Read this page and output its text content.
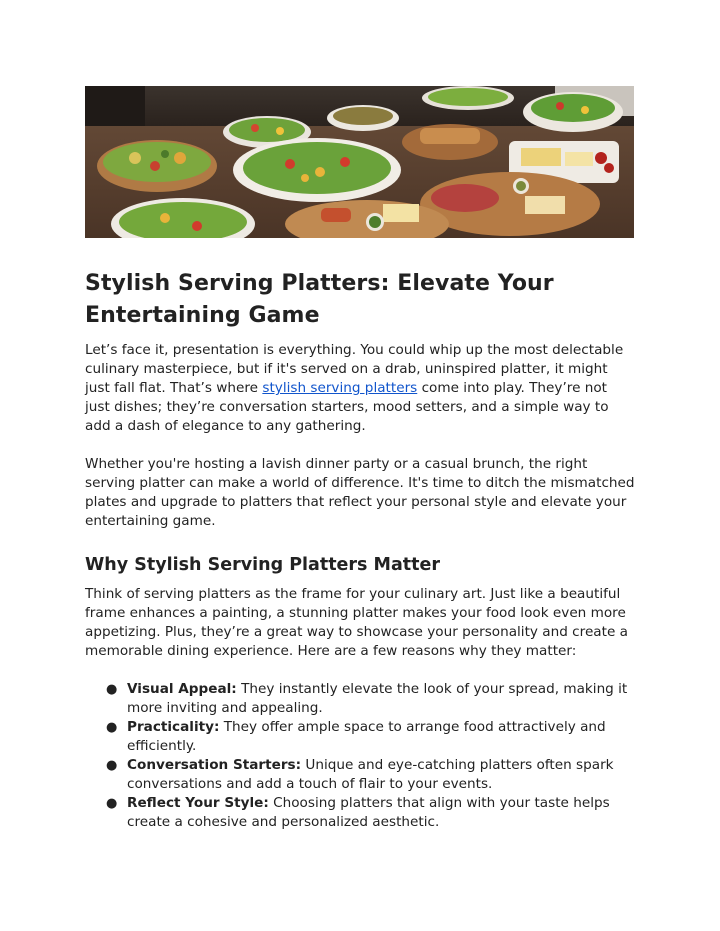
Stylish Serving Platters: Elevate Your Entertaining Game

Let’s face it, presentation is everything. You could whip up the most delectable culinary masterpiece, but if it's served on a drab, uninspired platter, it might just fall flat. That’s where stylish serving platters come into play. They’re not just dishes; they’re conversation starters, mood setters, and a simple way to add a dash of elegance to any gathering.

Whether you're hosting a lavish dinner party or a casual brunch, the right serving platter can make a world of difference. It's time to ditch the mismatched plates and upgrade to platters that reflect your personal style and elevate your entertaining game.

Why Stylish Serving Platters Matter

Think of serving platters as the frame for your culinary art. Just like a beautiful frame enhances a painting, a stunning platter makes your food look even more appetizing. Plus, they’re a great way to showcase your personality and create a memorable dining experience. Here are a few reasons why they matter:

● Visual Appeal: They instantly elevate the look of your spread, making it more inviting and appealing.
● Practicality: They offer ample space to arrange food attractively and efficiently.
● Conversation Starters: Unique and eye-catching platters often spark conversations and add a touch of flair to your events.
● Reflect Your Style: Choosing platters that align with your taste helps create a cohesive and personalized aesthetic.
